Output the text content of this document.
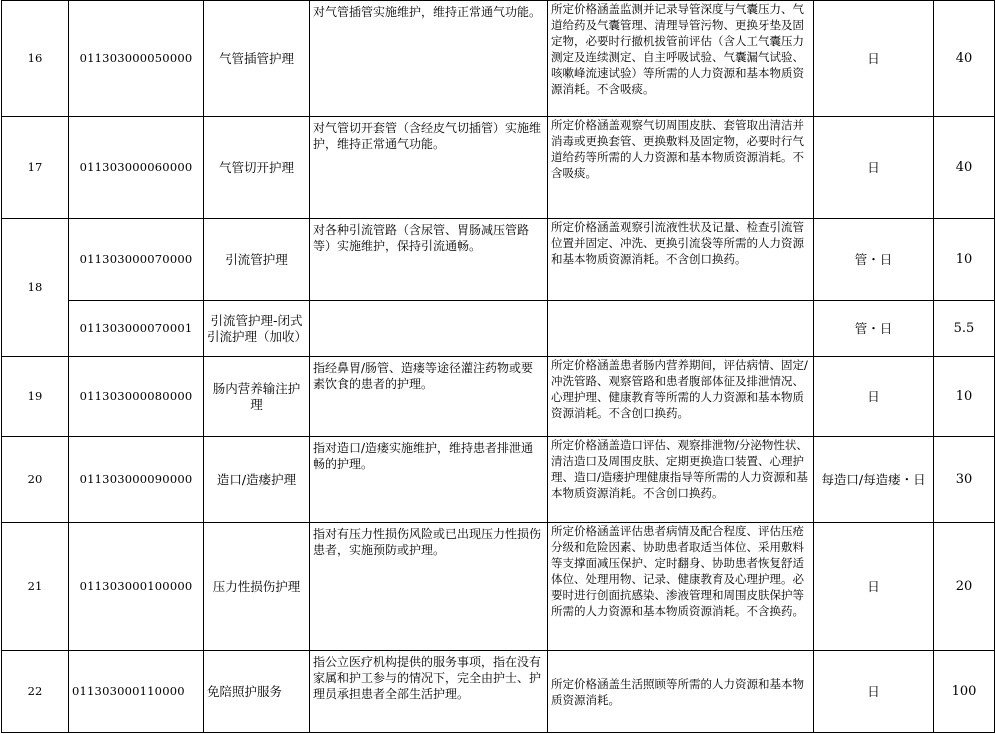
16	011303000050000	气管插管护理	对气管插管实施维护，维持正常通气功能。	所定价格涵盖监测并记录导管深度与气囊压力、气道给药及气囊管理、清理导管污物、更换牙垫及固定物，必要时行撤机拔管前评估（含人工气囊压力测定及连续测定、自主呼吸试验、气囊漏气试验、咳嗽峰流速试验）等所需的人力资源和基本物质资源消耗。不含吸痰。	日	40
17	011303000060000	气管切开护理	对气管切开套管（含经皮气切插管）实施维护，维持正常通气功能。	所定价格涵盖观察气切周围皮肤、套管取出清洁并消毒或更换套管、更换敷料及固定物，必要时行气道给药等所需的人力资源和基本物质资源消耗。不含吸痰。	日	40
18	011303000070000	引流管护理	对各种引流管路（含尿管、胃肠减压管路等）实施维护，保持引流通畅。	所定价格涵盖观察引流液性状及记量、检查引流管位置并固定、冲洗、更换引流袋等所需的人力资源和基本物质资源消耗。不含创口换药。	管・日	10
	011303000070001	引流管护理-闭式引流护理（加收）			管・日	5.5
19	011303000080000	肠内营养输注护理	指经鼻胃/肠管、造瘘等途径灌注药物或要素饮食的患者的护理。	所定价格涵盖患者肠内营养期间，评估病情、固定/冲洗管路、观察管路和患者腹部体征及排泄情况、心理护理、健康教育等所需的人力资源和基本物质资源消耗。不含创口换药。	日	10
20	011303000090000	造口/造瘘护理	指对造口/造瘘实施维护，维持患者排泄通畅的护理。	所定价格涵盖造口评估、观察排泄物/分泌物性状、清洁造口及周围皮肤、定期更换造口装置、心理护理、造口/造瘘护理健康指导等所需的人力资源和基本物质资源消耗。不含创口换药。	每造口/每造瘘・日	30
21	011303000100000	压力性损伤护理	指对有压力性损伤风险或已出现压力性损伤患者，实施预防或护理。	所定价格涵盖评估患者病情及配合程度、评估压疮分级和危险因素、协助患者取适当体位、采用敷料等支撑面减压保护、定时翻身、协助患者恢复舒适体位、处理用物、记录、健康教育及心理护理。必要时进行创面抗感染、渗液管理和周围皮肤保护等所需的人力资源和基本物质资源消耗。不含换药。	日	20
22	011303000110000	免陪照护服务	指公立医疗机构提供的服务事项，指在没有家属和护工参与的情况下，完全由护士、护理员承担患者全部生活护理。	所定价格涵盖生活照顾等所需的人力资源和基本物质资源消耗。	日	100
